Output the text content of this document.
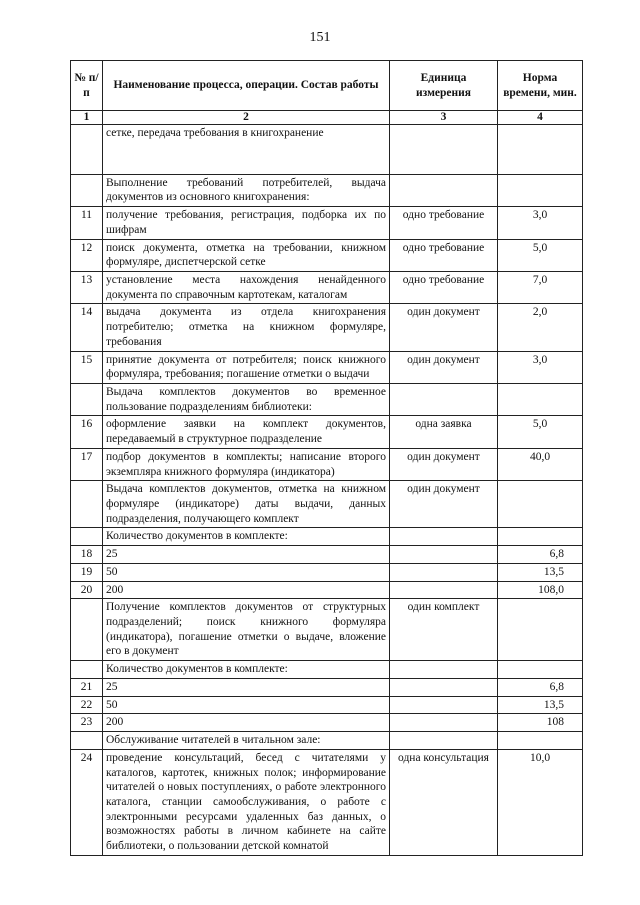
151
№ п/п	Наименование процесса, операции. Состав работы	Единица измерения	Норма времени, мин.
1	2	3	4
	сетке, передача требования в книгохранение		
	Выполнение требований потребителей, выдача документов из основного книгохранения:		
11	получение требования, регистрация, подборка их по шифрам	одно требование	3,0
12	поиск документа, отметка на требовании, книжном формуляре, диспетчерской сетке	одно требование	5,0
13	установление места нахождения ненайденного документа по справочным картотекам, каталогам	одно требование	7,0
14	выдача документа из отдела книгохранения потребителю; отметка на книжном формуляре, требования	один документ	2,0
15	принятие документа от потребителя; поиск книжного формуляра, требования; погашение отметки о выдачи	один документ	3,0
	Выдача комплектов документов во временное пользование подразделениям библиотеки:		
16	оформление заявки на комплект документов, передаваемый в структурное подразделение	одна заявка	5,0
17	подбор документов в комплекты; написание второго экземпляра книжного формуляра (индикатора)	один документ	40,0
	Выдача комплектов документов, отметка на книжном формуляре (индикаторе) даты выдачи, данных подразделения, получающего комплект	один документ	
	Количество документов в комплекте:		
18	25		6,8
19	50		13,5
20	200		108,0
	Получение комплектов документов от структурных подразделений; поиск книжного формуляра (индикатора), погашение отметки о выдаче, вложение его в документ	один комплект	
	Количество документов в комплекте:		
21	25		6,8
22	50		13,5
23	200		108
	Обслуживание читателей в читальном зале:		
24	проведение консультаций, бесед с читателями у каталогов, картотек, книжных полок; информирование читателей о новых поступлениях, о работе электронного каталога, станции самообслуживания, о работе с электронными ресурсами удаленных баз данных, о возможностях работы в личном кабинете на сайте библиотеки, о пользовании детской комнатой	одна консультация	10,0
